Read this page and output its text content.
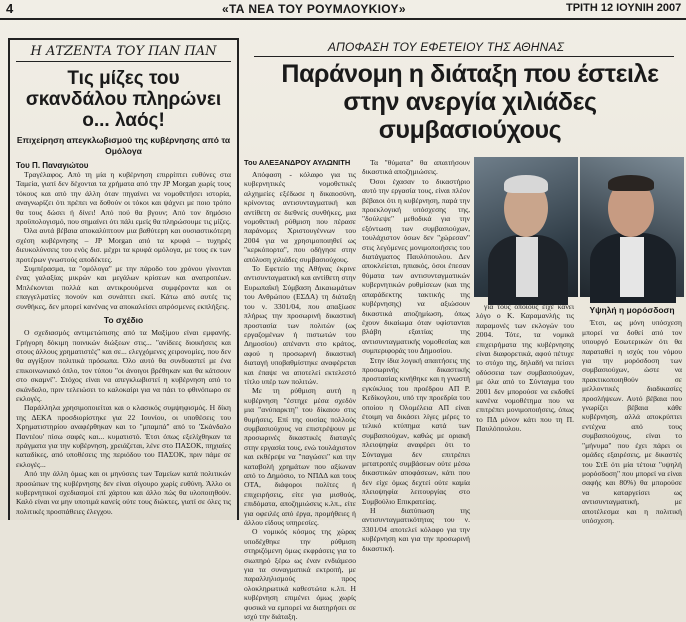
4	«ΤΑ ΝΕΑ ΤΟΥ ΡΟΥΜΛΟΥΚΙΟΥ»	ΤΡΙΤΗ 12 ΙΟΥΝΙΗ 2007
Η ΑΤΖΕΝΤΑ ΤΟΥ ΠΑΝ ΠΑΝ
Τις μίζες του σκανδάλου πληρώνει ο... λαός!
Επιχείρηση απεγκλωβισμού της κυβέρνησης από τα Ομόλογα
Του Π. Παναγιώτου

Τραγέλαφος. Από τη μία η κυβέρνηση επιρρίπτει ευθύνες στα Ταμεία, γιατί δεν δέχονται τα χρήματα από την JP Morgan χωρίς τους τόκους και από την άλλη όταν πηγαίνει να νομοθετήσει ιστορία, αναγνωρίζει ότι πρέπει να δοθούν οι τόκοι και ψάχνει με ποιο τρόπο θα τους δώσει ή δίνει! Από πού θα βγουν; Από τον δημόσιο προϋπολογισμό, που σημαίνει ότι πάλι εμείς θα πληρώσουμε τις μίζες.

Όλα αυτά βέβαια αποκαλύπτουν μια βαθύτερη και ουσιαστικότερη σχέση κυβέρνησης – JP Morgan από τα κρυφά – τυχηρές διευκολύνσεις του ενός δισ. μέχρι τα κρυφά ομόλογα, με τους εκ των προτέρων γνωστούς αποδέκτες.

Συμπέρασμα, τα "ομόλογα" με την πάροδο του χρόνου γίνονται ένας γαλαξίας μικρών και μεγάλων κρίσεων και ανατροπέων. Μπλέκονται πολλά και αντικρουόμενα συμφέροντα και οι επαγγελματίες πονούν και συνάπτει εκεί. Κάτω από αυτές τις συνθήκες, δεν μπορεί κανένας να αποκαλείσει απρόσμενες εκπλήξεις.

Το σχέδιο

Ο σχεδιασμός αντιμετώπισης από τα Μαξίμου είναι εμφανής. Γρήγορη δόκιμη ποινικών διώξεων στις... "ανίδεες διοικήσεις και στους άλλους χρηματιστές" και σε... ελεγχόμενες χειρονομίες, που δεν θα αγγίξουν πολιτικά πρόσωπα. Όλο αυτό θα συνδυαστεί με ένα επικοινωνιακό όπλο, τον τύπου "οι άνοιγοι βρέθηκαν και θα κάτσουν στο σκαμνί". Στόχος είναι να απεγκλωβιστεί η κυβέρνηση από το σκάνδαλο, πριν τελειώσει το καλοκαίρι για να πάει το φθινόπωρο σε εκλογές.

Παράλληλα χρησιμοποιείται και ο κλασικός συμψηφισμός. Η δίκη της ΔΕΚΑ προσδιορίστηκε για 22 Ιουνίου, οι υποθέσεις του Χρηματιστηρίου αναφέρθηκαν και το "μπαμπά" από το 'Σκάνδαλο Παντέου' πίσω σαφές και... κυματιστό. Έτσι όπως εξελίχθηκαν τα πράγματα για την κυβέρνηση, χρειάζεται, λένε στο ΠΑΣΟΚ, πηχιαίες καταδίκες, από υποθέσεις της περιόδου του ΠΑΣΟΚ, πριν πάμε σε εκλογές...

Από την άλλη όμως και οι μηνύσεις των Ταμείων κατά πολιτικών προσώπων της κυβέρνησης δεν είναι σίγουρο χωρίς ευθύνη. Άλλο οι κυβερνητικοί σχεδιασμοί επί χάρτου και άλλο πώς θα υλοποιηθούν. Καλό είναι να μην υποτιμά κανείς ούτε τους διώκτες, γιατί σε όλες τις πολιτικές προσπάθειες έλεγχου.

ΑΠΟΦΑΣΗ ΤΟΥ ΕΦΕΤΕΙΟΥ ΤΗΣ ΑΘΗΝΑΣ
Παράνομη η διάταξη που έστειλε στην ανεργία χιλιάδες συμβασιούχους
Του ΑΛΕΞΑΝΔΡΟΥ ΑΥΛΩΝΙΤΗ

Απόφαση - κόλαφο για τις κυβερνητικές νομοθετικές αλχημείες εξέδωσε η δικαιοσύνη, κρίνοντας αντισυνταγματική και αντίθετη σε διεθνείς συνθήκες, μια νομοθετική ρύθμιση που πέρασε παράνομες Χριστουγέννων του 2004 για να χρησιμοποιηθεί ως "κερκόπορτα", που οδήγησε στην απόλυση χιλιάδες συμβασιούχους.

Το Εφετείο της Αθήνας έκρινε αντισυνταγματική και αντίθετη στην Ευρωπαϊκή Σύμβαση Δικαιωμάτων του Ανθρώπου (ΕΣΔΑ) τη διάταξη του ν. 3301/04, που απαξίωσε πλήρως την προσωρινή δικαστική προστασία των πολιτών (ως εργαζομένων ή πιστωτών του Δημοσίου) απέναντι στο κράτος, αφού η προσωρινή δικαστική διαταγή υποβαθμίστηκε αναφέρεται και έπαψε να αποτελεί εκτελεστό τίτλο υπέρ των πολιτών.

Με τη ρύθμιση αυτή η κυβέρνηση "έστηχε μέσα σχεδόν μια "ανύπαρκτη" του δίκαιου στις θυμήσεις. Επί της ουσίας πολλούς συμβασιούχους να επιστρέψουν με προσωρινές δικαστικές διαταγές στην εργασία τους, ενώ τουλάχιστον και εκθέρεψε να "παγώσει" και την καταβολή χρημάτων που αξίωναν από το Δημόσιο, το ΝΠΔΔ και τους ΟΤΑ, διάφοροι πολίτες ή επιχειρήσεις, είτε για μισθούς, επιδόματα, αποζημιώσεις κ.λπ., είτε για οφειλές από έργα, προμήθειες ή άλλου είδους υπηρεσίες.

Ο νομικός κόσμος της χώρας υποδέχθηκε την ρύθμιση στηριζόμενη όμως εκφράσεις για το σιωπηρό ξέρω ως έναν ενδιάμεσο για τα συναγματικά εκτροπή, με παραλληλισμούς προς ολοκληρωτικά καθεστώτα κ.λπ. Η κυβέρνηση επιμένει όμως χωρίς φυσικά να εμπορεί να διατηρήσει σε ισχύ την διάταξη.

Τα "θύματα" θα απαιτήσουν δικαστικά αποζημιώσεις.

Όσοι έχασαν το δικαστήριο αυτό την εργασία τους, είναι πλέον βέβαιοι ότι η κυβέρνηση, παρά την προεκλογική υπόσχεσης της, "δούλεψε" μεθοδικά για την εξόντωση των συμβασιούχων, τουλάχιστον όσων δεν "χώρεσαν" στις λεγόμενες μονιμοποιήσεις του διατάγματος Παυλόπουλου. Δεν αποκλείεται, ηπιακός, όσοι έπεσαν θύματα των αντισυνταγματικών κυβερνητικών ρυθμίσεων (και της απαράδεκτης τακτικής της κυβέρνησης) να αξιώσουν δικαστικά αποζημίωση, όπως έχουν δικαίωμα όταν υφίστανται βλάβη εξαιτίας της αντισυνταγματικής νομοθεσίας και συμπεριφοράς του Δημοσίου.

Στην ίδια λογική απαιτήσεις της προσωρινής δικαστικής προστασίας κινήθηκε και η γνωστή εγκύκλιος του προέδρου ΑΠ Ρ. Κεδίκογλου, υπό την προεδρία του οποίου η Ολομέλεια ΑΠ είναι έτοιμη να δικάσει λίγες μέρες το τελικό κτύπημα κατά των συμβασιούχων, καθώς με οριακή πλειοψηφία αναφέρει ότι το Σύνταγμα δεν επιτρέπει μετατροπές συμβάσεων ούτε μέσω δικαστικών αποφάσεων, κάτι που δεν είχε όμως δεχτεί ούτε καμία πλειοψηφία λειτουργίας στο Συμβούλιο Επικρατείας.

Η διατύπωση της αντισυνταγματικότητας του ν. 3301/04 αποτελεί κόλαφο για την κυβέρνηση και για την προσωρινή δικαστική.

για τους οποίους είχε κάνει λόγο ο Κ. Καραμανλής τις παραμονές των εκλογών του 2004. Τότε, τα νομικά επιχειρήματα της κυβέρνησης είναι διαφορετικά, αφού πέτυχε το στόχο της, δηλαδή να πείσει οδύσσεια των συμβασιούχων, με όλα από το Σύνταγμα του 2001 δεν μπορούσε να εκδοθεί κανένα νομοθέτημα που να επιτρέπει μονιμοποιήσεις, όπως το ΠΔ μόνον κάτι που τη Π. Παυλόπουλου.

Υψηλή η μορόσδοση

Έτσι, ως μόνη υπόσχεση μπορεί να δοθεί από τον υπουργό Εσωτερικών ότι θα παραταθεί η ισχύς του νόμου για την μορόσδοση των συμβασιούχων, ώστε να πρακτικοποιηθούν σε μελλοντικές διαδικασίες προσλήψεων. Αυτό βέβαια που γνωρίζει βέβαια κάθε κυβέρνηση, αλλά αποκρύπτει εντέχνα από τους συμβασιούχους, είναι το "μήνυμα" που έχει πάρει οι ομάδες εξαιρέσεις, με δικαστές του ΣτΕ ότι μία τέτοια "υψηλή μορόσδοση" που μπορεί να είναι σαφής και 80%) θα μπορούσε να καταργείσει ως αντισυνταγματική, με αποτέλεσμα και η πολιτική υπόσχεση.
